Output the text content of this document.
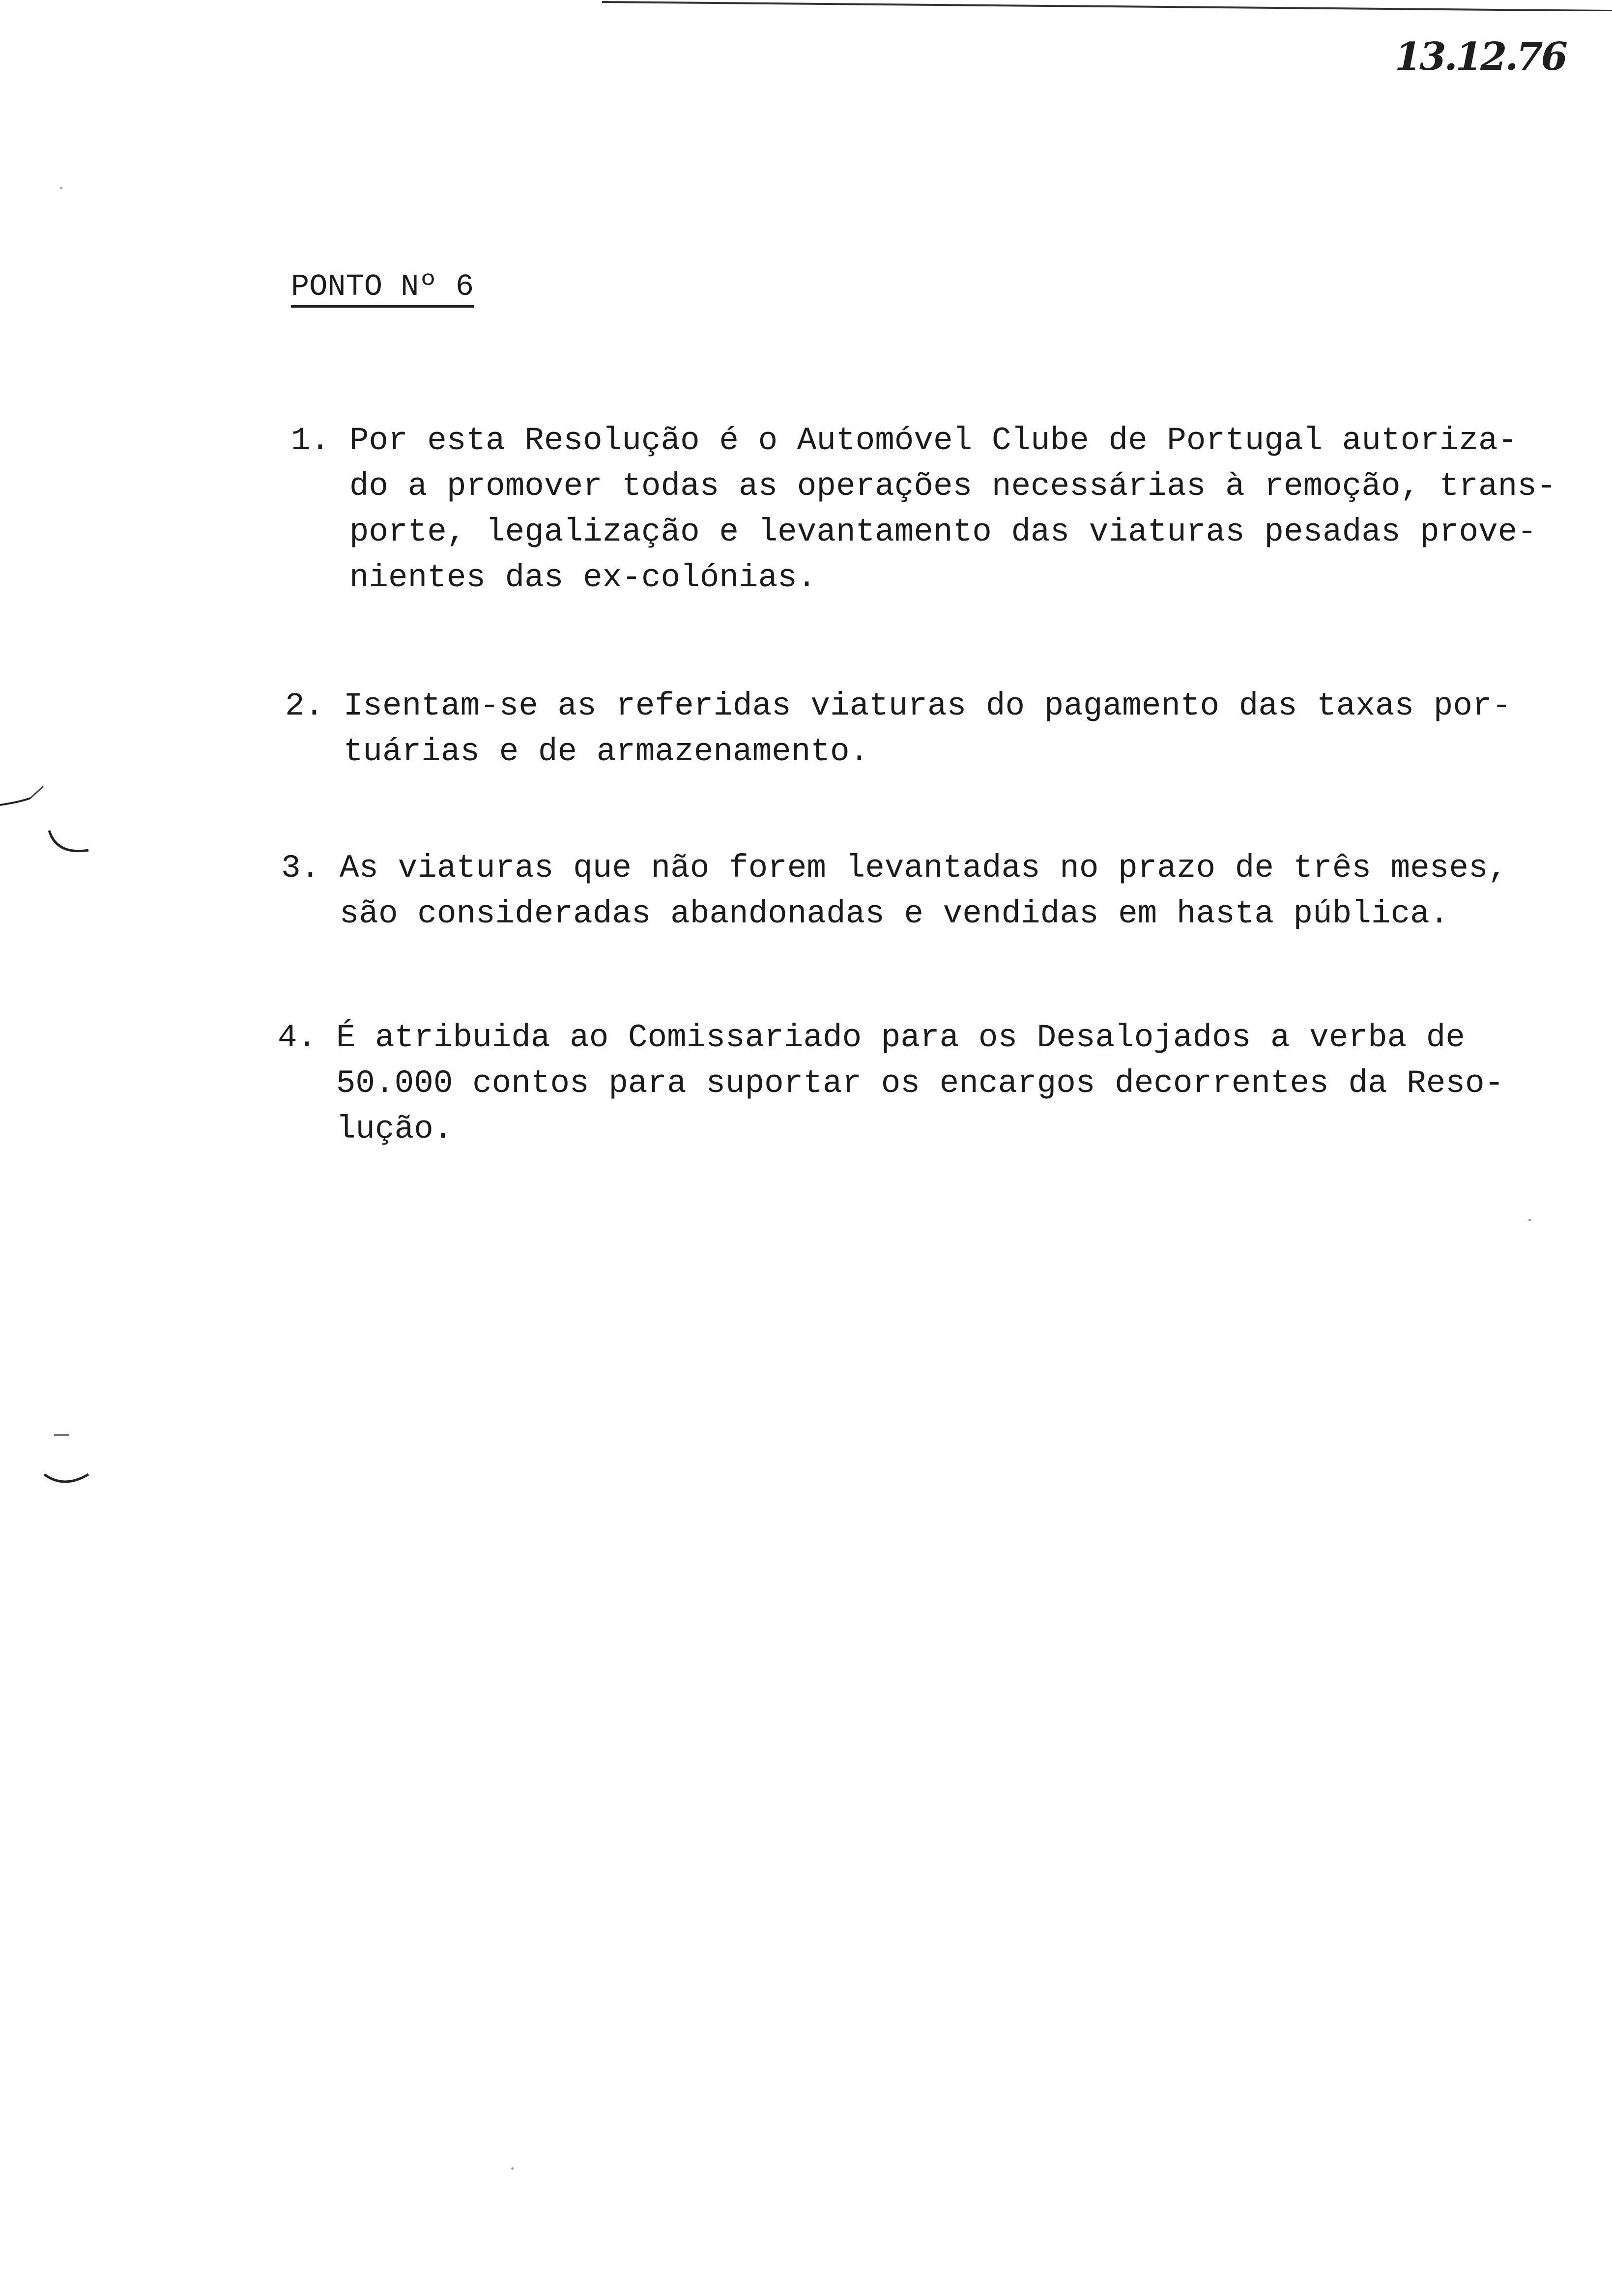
13.12.76
PONTO Nº 6
1. Por esta Resolução é o Automóvel Clube de Portugal autoriza-
do a promover todas as operações necessárias à remoção, trans-
porte, legalização e levantamento das viaturas pesadas prove-
nientes das ex-colónias.
2. Isentam-se as referidas viaturas do pagamento das taxas por-
tuárias e de armazenamento.
3. As viaturas que não forem levantadas no prazo de três meses,
são consideradas abandonadas e vendidas em hasta pública.
4. É atribuida ao Comissariado para os Desalojados a verba de
50.000 contos para suportar os encargos decorrentes da Reso-
lução.
